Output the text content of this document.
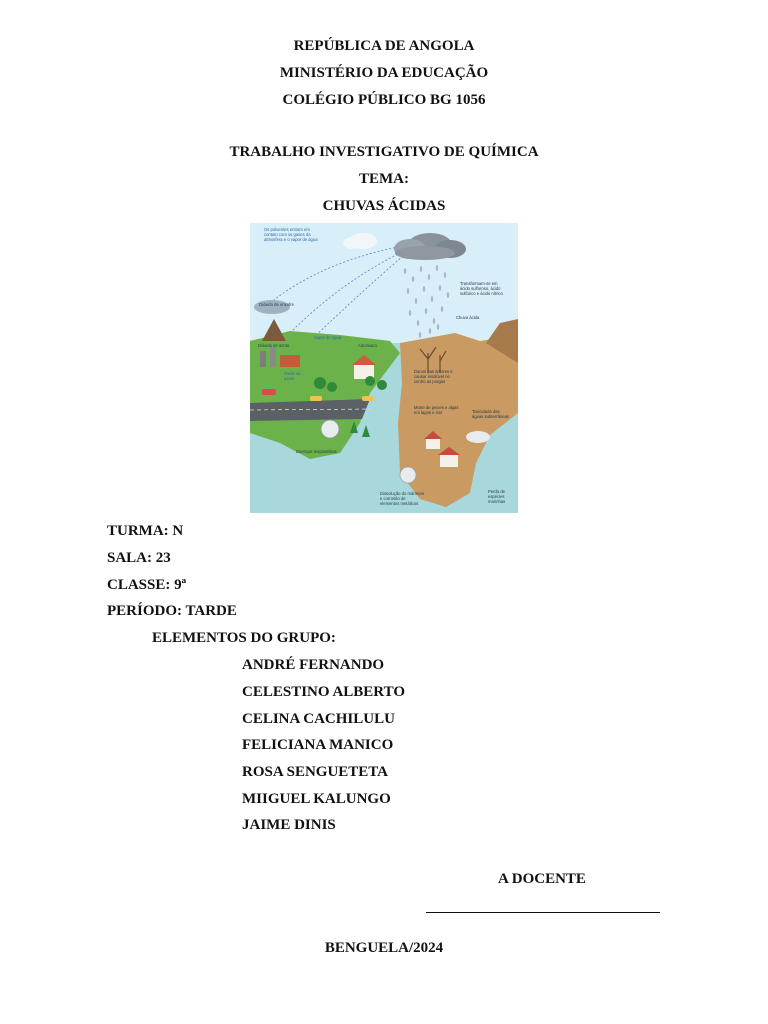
REPÚBLICA DE ANGOLA
MINISTÉRIO DA EDUCAÇÃO
COLÉGIO PÚBLICO BG 1056
TRABALHO INVESTIGATIVO DE QUÍMICA
TEMA:
CHUVAS ÁCIDAS
Os poluentes entram em
contato com os gases da
atmosfera e o vapor de água
Dióxido de enxofre
Vapor de água
Transformam-se em
ácido sulfuroso, ácido
sulfúrico e ácido nítrico
Chuva ácida
Dióxido de azoto	Amoníaco
Óxido de
azoto
Danos nas árvores e
causar insolúvel no
centro as pragas
Morte de peixes e algas
em lagos e rios	Toxicidade das
águas subterrâneas
Doenças respiratórias
Dissolução do mármore
e corrosão de
elementos metálicos
Perda de
espécies
marinhas
TURMA: N
SALA: 23
CLASSE: 9ª
PERÍODO: TARDE
ELEMENTOS DO GRUPO:
ANDRÉ FERNANDO
CELESTINO ALBERTO
CELINA CACHILULU
FELICIANA MANICO
ROSA SENGUETETA
MIIGUEL KALUNGO
JAIME DINIS
A DOCENTE
BENGUELA/2024
